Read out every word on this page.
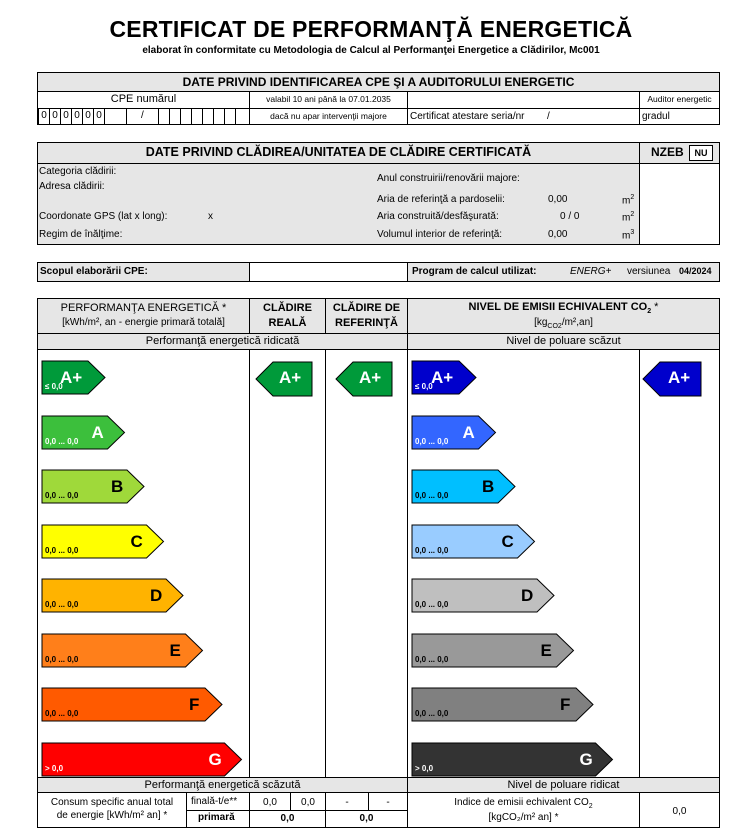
CERTIFICAT DE PERFORMANŢĂ ENERGETICĂ
elaborat în conformitate cu Metodologia de Calcul al Performanţei Energetice a Clădirilor, Mc001
DATE PRIVIND IDENTIFICAREA CPE ŞI A AUDITORULUI ENERGETIC
CPE numărul	valabil 10 ani până la 07.01.2035	Auditor energetic
0 0 0 0 0 0	/	dacă nu apar intervenţii majore	Certificat atestare seria/nr /	gradul
DATE PRIVIND CLĂDIREA/UNITATEA DE CLĂDIRE CERTIFICATĂ	NZEB	NU
Categoria clădirii:
Adresa clădirii:
Coordonate GPS (lat x long):	x
Regim de înălţime:
Anul construirii/renovării majore:
Aria de referinţă a pardoselii:	0,00	$m^2$
Aria construită/desfăşurată:	0 / 0	$m^2$
Volumul interior de referinţă:	0,00	$m^3$
Scopul elaborării CPE:	Program de calcul utilizat:	ENERG+ versiunea 04/2024
PERFORMANŢA ENERGETICĂ *
[kWh/m², an - energie primară totală]
CLĂDIRE
REALĂ
CLĂDIRE DE
REFERINŢĂ
NIVEL DE EMISII ECHIVALENT $CO_2$ *
$[kg_{CO2}/m^2,an]$
Performanţă energetică ridicată	Nivel de poluare scăzut
Performanţă energetică scăzută	Nivel de poluare ridicat
A+
≤ 0,0
A
0,0 ... 0,0
B
0,0 ... 0,0
C
0,0 ... 0,0
D
0,0 ... 0,0
E
0,0 ... 0,0
F
0,0 ... 0,0
G
> 0,0
A+
≤ 0,0
A
0,0 ... 0,0
B
0,0 ... 0,0
C
0,0 ... 0,0
D
0,0 ... 0,0
E
0,0 ... 0,0
F
0,0 ... 0,0
G
> 0,0
A+	A+	A+
Consum specific anual total
de energie [kWh/m² an] *
finală-t/e**
primară
0,0	0,0	-	-
0,0	0,0
Indice de emisii echivalent $CO_2$
[kgCO₂/m² an] *
0,0
